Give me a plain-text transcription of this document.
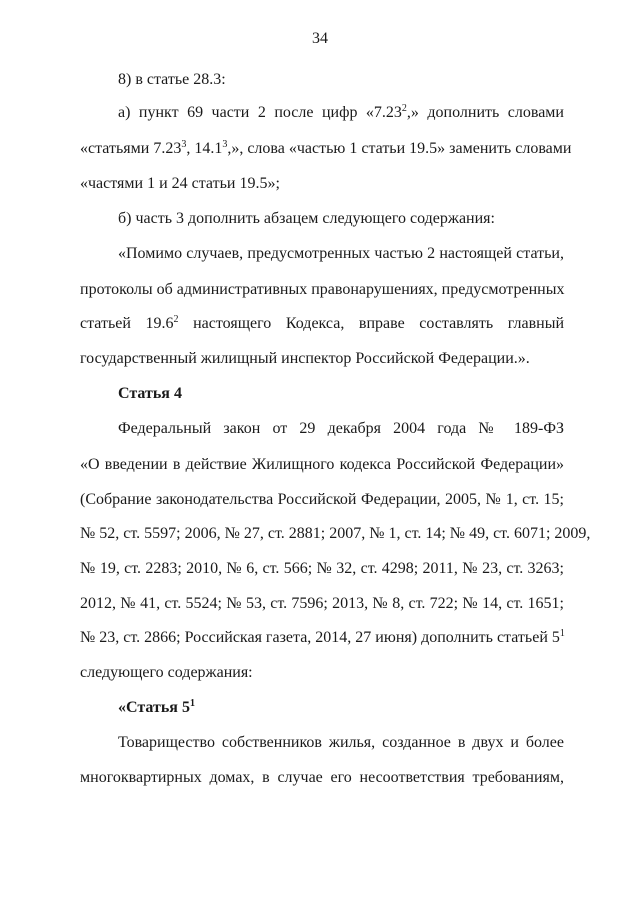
34
8) в статье 28.3:
а) пункт 69 части 2 после цифр «7.23$^2$,» дополнить словами
«статьями 7.23$^3$, 14.1$^3$,», слова «частью 1 статьи 19.5» заменить словами
«частями 1 и 24 статьи 19.5»;
б) часть 3 дополнить абзацем следующего содержания:
«Помимо случаев, предусмотренных частью 2 настоящей статьи,
протоколы об административных правонарушениях, предусмотренных
статьей 19.6$^2$ настоящего Кодекса, вправе составлять главный
государственный жилищный инспектор Российской Федерации.».
Статья 4
Федеральный закон от 29 декабря 2004 года № 189-ФЗ
«О введении в действие Жилищного кодекса Российской Федерации»
(Собрание законодательства Российской Федерации, 2005, № 1, ст. 15;
№ 52, ст. 5597; 2006, № 27, ст. 2881; 2007, № 1, ст. 14; № 49, ст. 6071; 2009,
№ 19, ст. 2283; 2010, № 6, ст. 566; № 32, ст. 4298; 2011, № 23, ст. 3263;
2012, № 41, ст. 5524; № 53, ст. 7596; 2013, № 8, ст. 722; № 14, ст. 1651;
№ 23, ст. 2866; Российская газета, 2014, 27 июня) дополнить статьей $5^1$
следующего содержания:
«Статья $5^1$
Товарищество собственников жилья, созданное в двух и более
многоквартирных домах, в случае его несоответствия требованиям,
